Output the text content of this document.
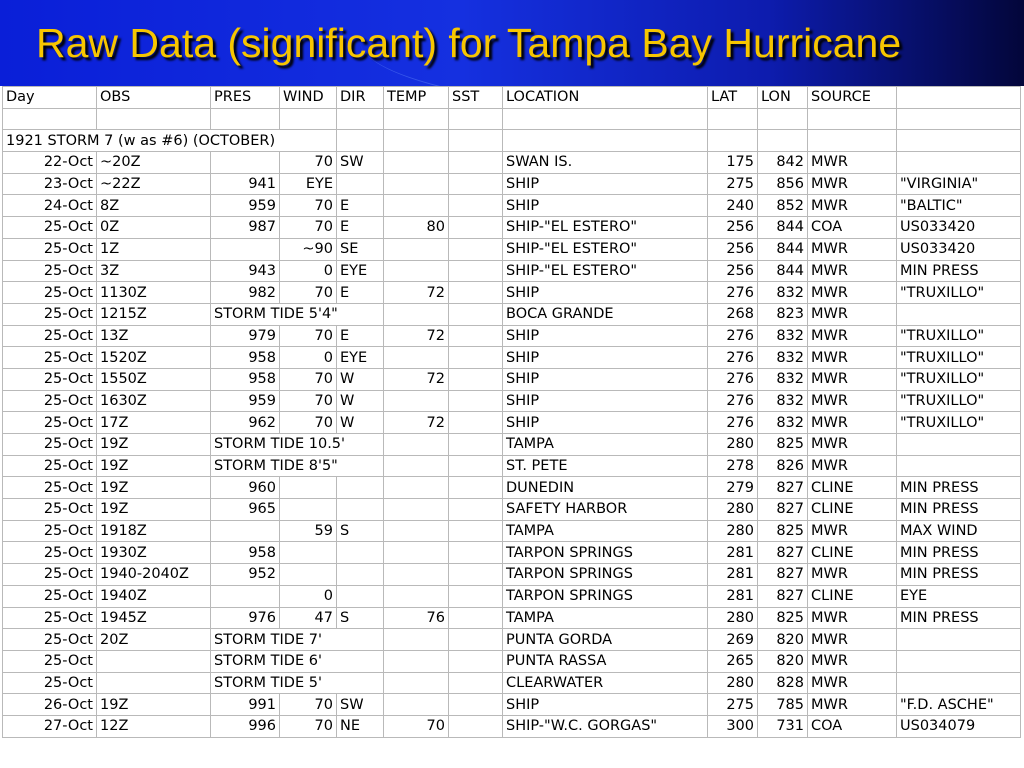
Raw Data (significant) for Tampa Bay Hurricane
Day	OBS	PRES	WIND	DIR	TEMP	SST	LOCATION	LAT	LON	SOURCE	

1921 STORM 7 (w as #6) (OCTOBER)											
22-Oct	~20Z		70	SW			SWAN IS.	175	842	MWR	
23-Oct	~22Z	941	EYE				SHIP	275	856	MWR	"VIRGINIA"
24-Oct	8Z	959	70	E			SHIP	240	852	MWR	"BALTIC"
25-Oct	0Z	987	70	E	80		SHIP-"EL ESTERO"	256	844	COA	US033420
25-Oct	1Z		~90	SE			SHIP-"EL ESTERO"	256	844	MWR	US033420
25-Oct	3Z	943	0	EYE			SHIP-"EL ESTERO"	256	844	MWR	MIN PRESS
25-Oct	1130Z	982	70	E	72		SHIP	276	832	MWR	"TRUXILLO"
25-Oct	1215Z	STORM TIDE 5'4"					BOCA GRANDE	268	823	MWR	
25-Oct	13Z	979	70	E	72		SHIP	276	832	MWR	"TRUXILLO"
25-Oct	1520Z	958	0	EYE			SHIP	276	832	MWR	"TRUXILLO"
25-Oct	1550Z	958	70	W	72		SHIP	276	832	MWR	"TRUXILLO"
25-Oct	1630Z	959	70	W			SHIP	276	832	MWR	"TRUXILLO"
25-Oct	17Z	962	70	W	72		SHIP	276	832	MWR	"TRUXILLO"
25-Oct	19Z	STORM TIDE 10.5'					TAMPA	280	825	MWR	
25-Oct	19Z	STORM TIDE 8'5"					ST. PETE	278	826	MWR	
25-Oct	19Z	960					DUNEDIN	279	827	CLINE	MIN PRESS
25-Oct	19Z	965					SAFETY HARBOR	280	827	CLINE	MIN PRESS
25-Oct	1918Z		59	S			TAMPA	280	825	MWR	MAX WIND
25-Oct	1930Z	958					TARPON SPRINGS	281	827	CLINE	MIN PRESS
25-Oct	1940-2040Z	952					TARPON SPRINGS	281	827	MWR	MIN PRESS
25-Oct	1940Z		0				TARPON SPRINGS	281	827	CLINE	EYE
25-Oct	1945Z	976	47	S	76		TAMPA	280	825	MWR	MIN PRESS
25-Oct	20Z	STORM TIDE 7'					PUNTA GORDA	269	820	MWR	
25-Oct		STORM TIDE 6'					PUNTA RASSA	265	820	MWR	
25-Oct		STORM TIDE 5'					CLEARWATER	280	828	MWR	
26-Oct	19Z	991	70	SW			SHIP	275	785	MWR	"F.D. ASCHE"
27-Oct	12Z	996	70	NE	70		SHIP-"W.C. GORGAS"	300	731	COA	US034079
